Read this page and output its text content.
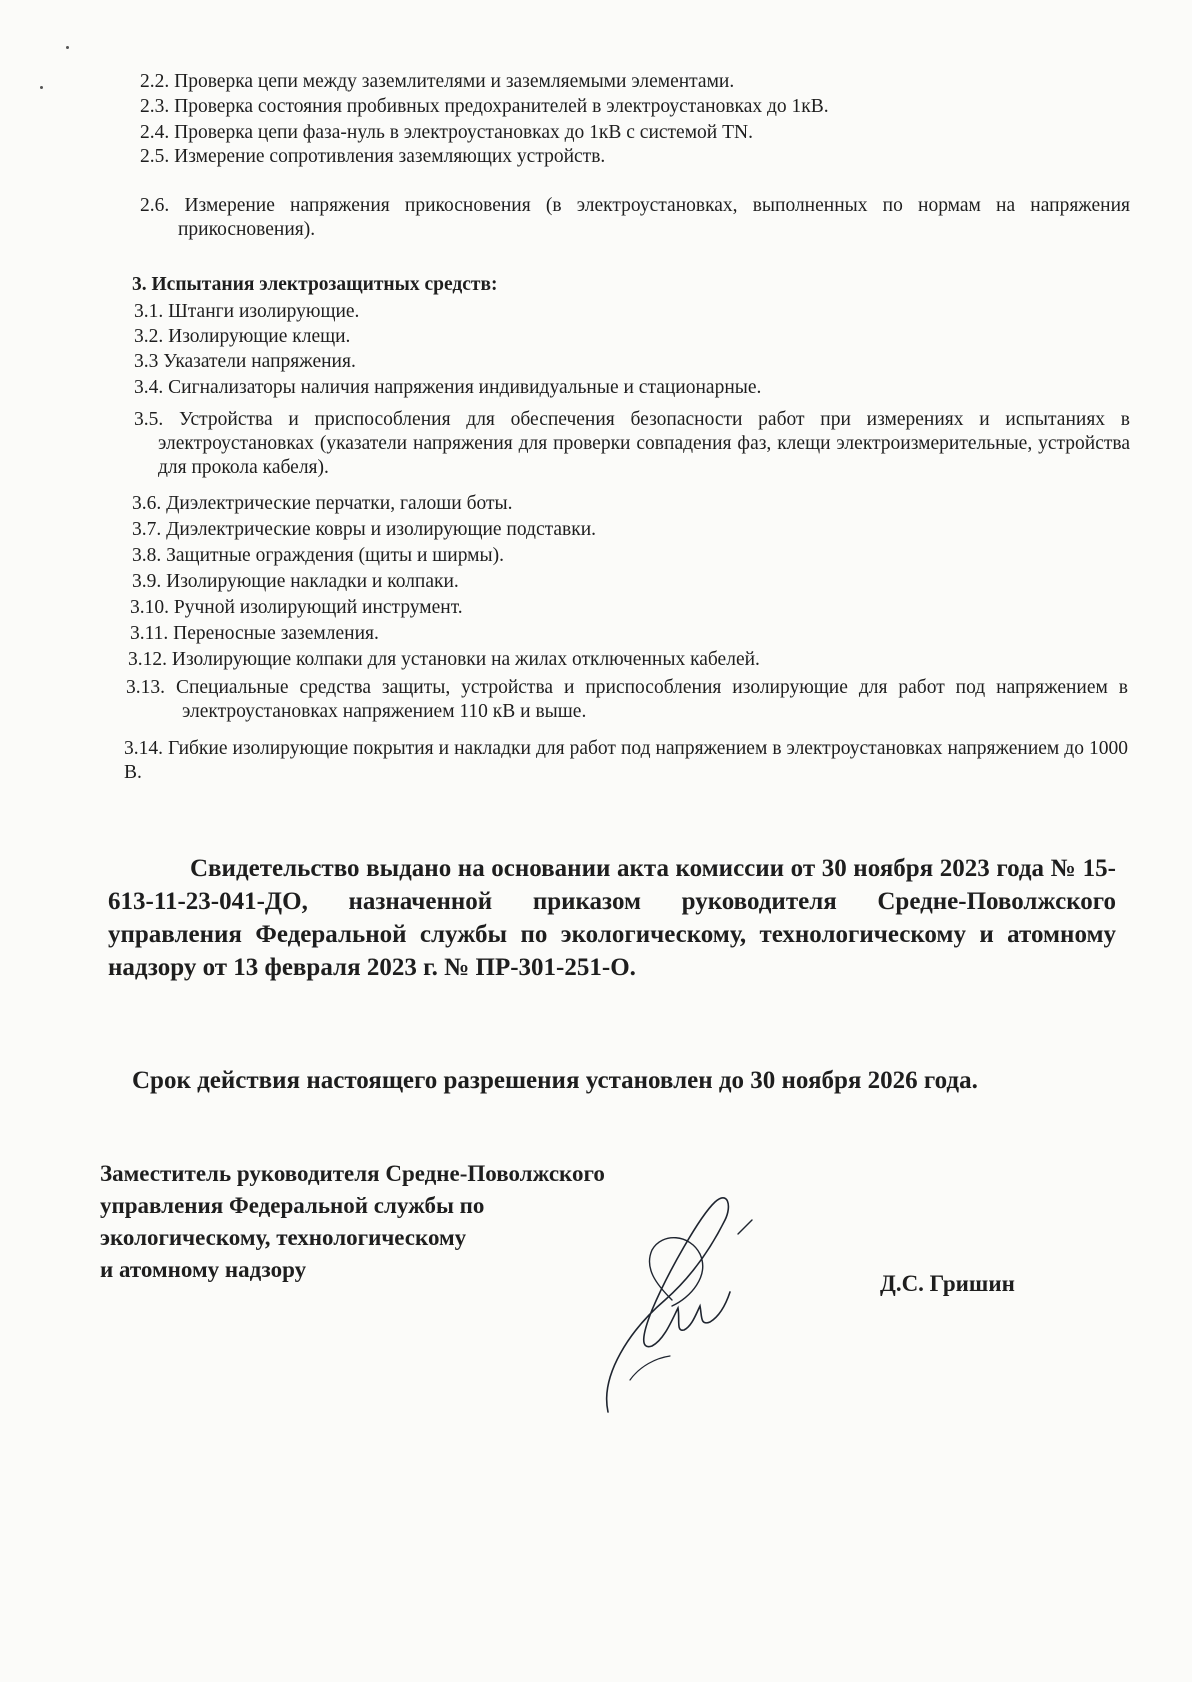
2.2. Проверка цепи между заземлителями и заземляемыми элементами.
2.3. Проверка состояния пробивных предохранителей в электроустановках до 1кВ.
2.4. Проверка цепи фаза-нуль в электроустановках до 1кВ с системой TN.
2.5. Измерение сопротивления заземляющих устройств.
2.6. Измерение напряжения прикосновения (в электроустановках, выполненных по нормам на напряжения прикосновения).
3. Испытания электрозащитных средств:
3.1. Штанги изолирующие.
3.2. Изолирующие клещи.
3.3 Указатели напряжения.
3.4. Сигнализаторы наличия напряжения индивидуальные и стационарные.
3.5. Устройства и приспособления для обеспечения безопасности работ при измерениях и испытаниях в электроустановках (указатели напряжения для проверки совпадения фаз, клещи электроизмерительные, устройства для прокола кабеля).
3.6. Диэлектрические перчатки, галоши боты.
3.7. Диэлектрические ковры и изолирующие подставки.
3.8. Защитные ограждения (щиты и ширмы).
3.9. Изолирующие накладки и колпаки.
3.10. Ручной изолирующий инструмент.
3.11. Переносные заземления.
3.12. Изолирующие колпаки для установки на жилах отключенных кабелей.
3.13. Специальные средства защиты, устройства и приспособления изолирующие для работ под напряжением в электроустановках напряжением 110 кВ и выше.
3.14. Гибкие изолирующие покрытия и накладки для работ под напряжением в электроустановках напряжением до 1000 В.
Свидетельство выдано на основании акта комиссии от 30 ноября 2023 года № 15-613-11-23-041-ДО, назначенной приказом руководителя Средне-Поволжского управления Федеральной службы по экологическому, технологическому и атомному надзору от 13 февраля 2023 г. № ПР-301-251-О.
Срок действия настоящего разрешения установлен до 30 ноября 2026 года.
Заместитель руководителя Средне-Поволжского
управления Федеральной службы по
экологическому, технологическому
и атомному надзору
Д.С. Гришин
